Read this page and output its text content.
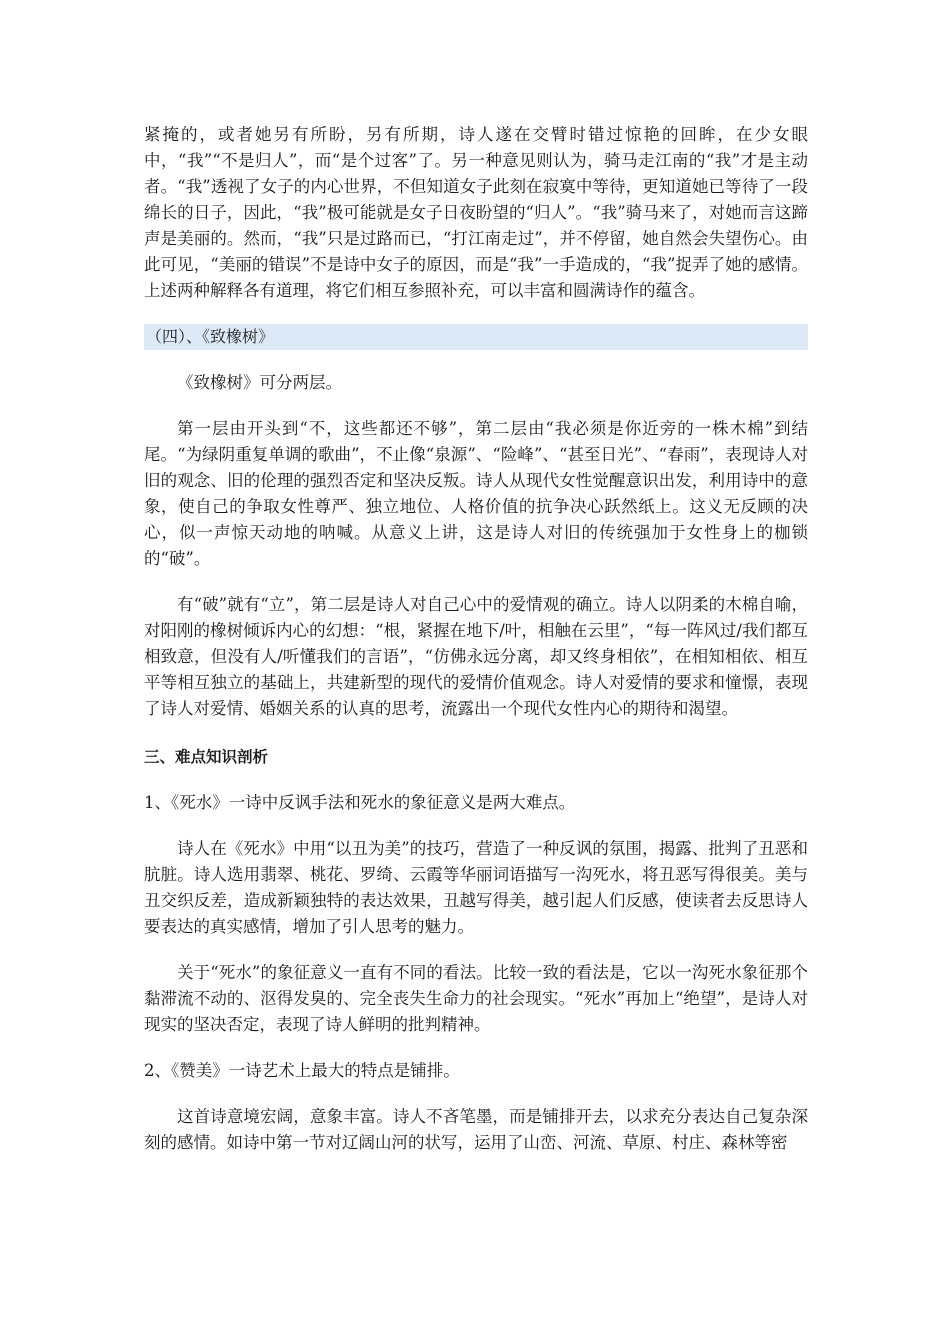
紧掩的，或者她另有所盼，另有所期，诗人遂在交臂时错过惊艳的回眸，在少女眼中，“我”“不是归人”，而“是个过客”了。另一种意见则认为，骑马走江南的“我”才是主动者。“我”透视了女子的内心世界，不但知道女子此刻在寂寞中等待，更知道她已等待了一段绵长的日子，因此，“我”极可能就是女子日夜盼望的“归人”。“我”骑马来了，对她而言这蹄声是美丽的。然而，“我”只是过路而已，“打江南走过”，并不停留，她自然会失望伤心。由此可见，“美丽的错误”不是诗中女子的原因，而是“我”一手造成的，“我”捉弄了她的感情。上述两种解释各有道理，将它们相互参照补充，可以丰富和圆满诗作的蕴含。

（四）、《致橡树》

《致橡树》可分两层。

第一层由开头到“不，这些都还不够”，第二层由“我必须是你近旁的一株木棉”到结尾。“为绿阴重复单调的歌曲”，不止像“泉源”、“险峰”、“甚至日光”、“春雨”，表现诗人对旧的观念、旧的伦理的强烈否定和坚决反叛。诗人从现代女性觉醒意识出发，利用诗中的意象，使自己的争取女性尊严、独立地位、人格价值的抗争决心跃然纸上。这义无反顾的决心，似一声惊天动地的呐喊。从意义上讲，这是诗人对旧的传统强加于女性身上的枷锁的“破”。

有“破”就有“立”，第二层是诗人对自己心中的爱情观的确立。诗人以阴柔的木棉自喻，对阳刚的橡树倾诉内心的幻想：“根，紧握在地下/叶，相触在云里”，“每一阵风过/我们都互相致意，但没有人/听懂我们的言语”，“仿佛永远分离，却又终身相依”，在相知相依、相互平等相互独立的基础上，共建新型的现代的爱情价值观念。诗人对爱情的要求和憧憬，表现了诗人对爱情、婚姻关系的认真的思考，流露出一个现代女性内心的期待和渴望。

三、难点知识剖析

1、《死水》一诗中反讽手法和死水的象征意义是两大难点。

诗人在《死水》中用“以丑为美”的技巧，营造了一种反讽的氛围，揭露、批判了丑恶和肮脏。诗人选用翡翠、桃花、罗绮、云霞等华丽词语描写一沟死水，将丑恶写得很美。美与丑交织反差，造成新颖独特的表达效果，丑越写得美，越引起人们反感，使读者去反思诗人要表达的真实感情，增加了引人思考的魅力。

关于“死水”的象征意义一直有不同的看法。比较一致的看法是，它以一沟死水象征那个黏滞流不动的、沤得发臭的、完全丧失生命力的社会现实。“死水”再加上“绝望”，是诗人对现实的坚决否定，表现了诗人鲜明的批判精神。

2、《赞美》一诗艺术上最大的特点是铺排。

这首诗意境宏阔，意象丰富。诗人不吝笔墨，而是铺排开去，以求充分表达自己复杂深刻的感情。如诗中第一节对辽阔山河的状写，运用了山峦、河流、草原、村庄、森林等密
